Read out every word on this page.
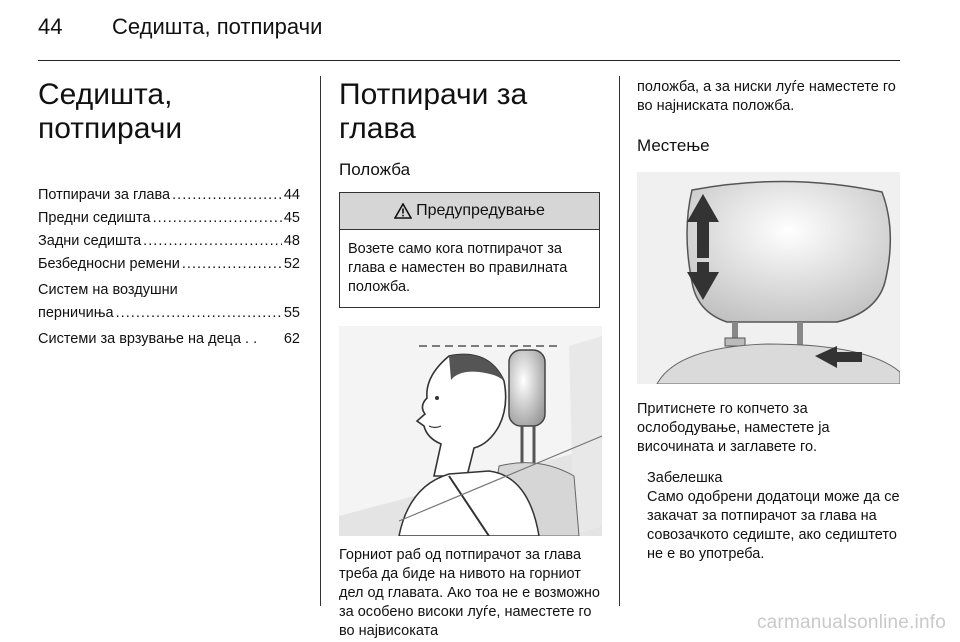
44 Седишта, потпирачи
Седишта, потпирачи
Потпирачи за глава . . .	44
Предни седишта . . .	45
Задни седишта . . .	48
Безбедносни ремени . . .	52
Систем на воздушни
перничиња . . .	55
Системи за врзување на деца . . 62
Потпирачи за глава
Положба
Предупредување
Возете само кога потпирачот за глава е наместен во правилната положба.
Горниот раб од потпирачот за глава треба да биде на нивото на горниот дел од главата. Ако тоа не е возможно за особено високи луѓе, наместете го во највисоката
положба, а за ниски луѓе наместете го во најниската положба.
Местење
Притиснете го копчето за ослободување, наместете ја височината и заглавете го.
Забелешка
Само одобрени додатоци може да се закачат за потпирачот за глава на совозачкото седиште, ако седиштето не е во употреба.
carmanualsonline.info
